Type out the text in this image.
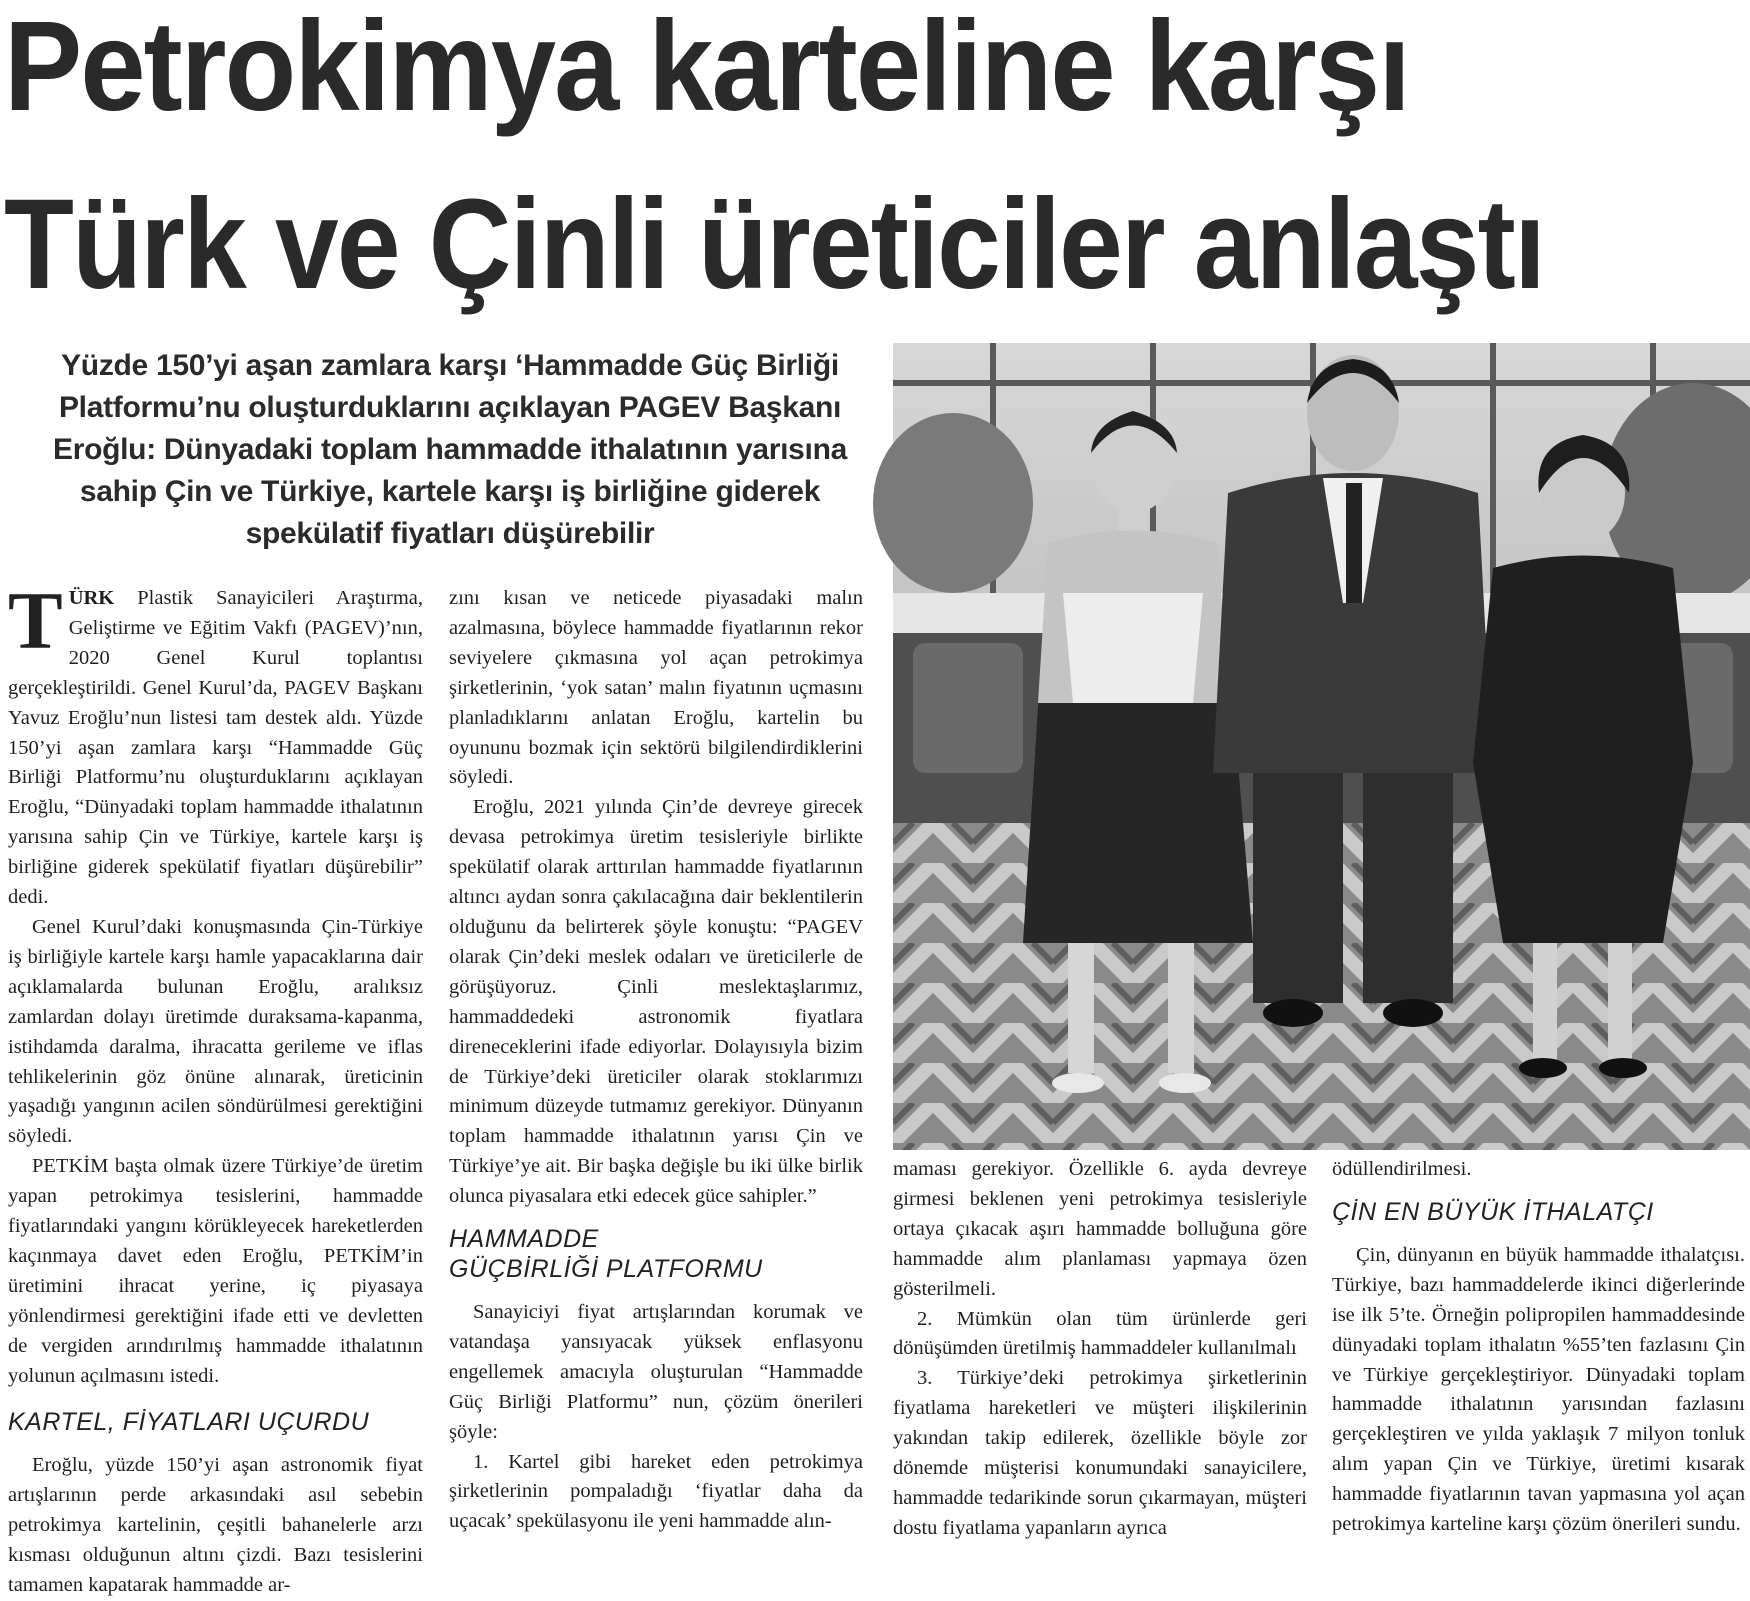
Petrokimya karteline karşı
Türk ve Çinli üreticiler anlaştı
Yüzde 150’yi aşan zamlara karşı ‘Hammadde Güç Birliği Platformu’nu oluşturduklarını açıklayan PAGEV Başkanı Eroğlu: Dünyadaki toplam hammadde ithalatının yarısına sahip Çin ve Türkiye, kartele karşı iş birliğine giderek spekülatif fiyatları düşürebilir

TÜRK Plastik Sanayicileri Araştırma, Geliştirme ve Eğitim Vakfı (PAGEV)’nın, 2020 Genel Kurul toplantısı gerçekleştirildi. Genel Kurul’da, PAGEV Başkanı Yavuz Eroğlu’nun listesi tam destek aldı. Yüzde 150’yi aşan zamlara karşı “Hammadde Güç Birliği Platformu’nu oluşturduklarını açıklayan Eroğlu, “Dünyadaki toplam hammadde ithalatının yarısına sahip Çin ve Türkiye, kartele karşı iş birliğine giderek spekülatif fiyatları düşürebilir” dedi.

Genel Kurul’daki konuşmasında Çin-Türkiye iş birliğiyle kartele karşı hamle yapacaklarına dair açıklamalarda bulunan Eroğlu, aralıksız zamlardan dolayı üretimde duraksama-kapanma, istihdamda daralma, ihracatta gerileme ve iflas tehlikelerinin göz önüne alınarak, üreticinin yaşadığı yangının acilen söndürülmesi gerektiğini söyledi.

PETKİM başta olmak üzere Türkiye’de üretim yapan petrokimya tesislerini, hammadde fiyatlarındaki yangını körükleyecek hareketlerden kaçınmaya davet eden Eroğlu, PETKİM’in üretimini ihracat yerine, iç piyasaya yönlendirmesi gerektiğini ifade etti ve devletten de vergiden arındırılmış hammadde ithalatının yolunun açılmasını istedi.

KARTEL, FİYATLARI UÇURDU

Eroğlu, yüzde 150’yi aşan astronomik fiyat artışlarının perde arkasındaki asıl sebebin petrokimya kartelinin, çeşitli bahanelerle arzı kısması olduğunun altını çizdi. Bazı tesislerini tamamen kapatarak hammadde ar-

zını kısan ve neticede piyasadaki malın azalmasına, böylece hammadde fiyatlarının rekor seviyelere çıkmasına yol açan petrokimya şirketlerinin, ‘yok satan’ malın fiyatının uçmasını planladıklarını anlatan Eroğlu, kartelin bu oyununu bozmak için sektörü bilgilendirdiklerini söyledi.

Eroğlu, 2021 yılında Çin’de devreye girecek devasa petrokimya üretim tesisleriyle birlikte spekülatif olarak arttırılan hammadde fiyatlarının altıncı aydan sonra çakılacağına dair beklentilerin olduğunu da belirterek şöyle konuştu: “PAGEV olarak Çin’deki meslek odaları ve üreticilerle de görüşüyoruz. Çinli meslektaşlarımız, hammaddedeki astronomik fiyatlara direneceklerini ifade ediyorlar. Dolayısıyla bizim de Türkiye’deki üreticiler olarak stoklarımızı minimum düzeyde tutmamız gerekiyor. Dünyanın toplam hammadde ithalatının yarısı Çin ve Türkiye’ye ait. Bir başka değişle bu iki ülke birlik olunca piyasalara etki edecek güce sahipler.”

HAMMADDE
GÜÇBİRLİĞİ PLATFORMU

Sanayiciyi fiyat artışlarından korumak ve vatandaşa yansıyacak yüksek enflasyonu engellemek amacıyla oluşturulan “Hammadde Güç Birliği Platformu” nun, çözüm önerileri şöyle:

1. Kartel gibi hareket eden petrokimya şirketlerinin pompaladığı ‘fiyatlar daha da uçacak’ spekülasyonu ile yeni hammadde alın-

maması gerekiyor. Özellikle 6. ayda devreye girmesi beklenen yeni petrokimya tesisleriyle ortaya çıkacak aşırı hammadde bolluğuna göre hammadde alım planlaması yapmaya özen gösterilmeli.

2. Mümkün olan tüm ürünlerde geri dönüşümden üretilmiş hammaddeler kullanılmalı

3. Türkiye’deki petrokimya şirketlerinin fiyatlama hareketleri ve müşteri ilişkilerinin yakından takip edilerek, özellikle böyle zor dönemde müşterisi konumundaki sanayicilere, hammadde tedarikinde sorun çıkarmayan, müşteri dostu fiyatlama yapanların ayrıca

ödüllendirilmesi.

ÇİN EN BÜYÜK İTHALATÇI

Çin, dünyanın en büyük hammadde ithalatçısı. Türkiye, bazı hammaddelerde ikinci diğerlerinde ise ilk 5’te. Örneğin polipropilen hammaddesinde dünyadaki toplam ithalatın %55’ten fazlasını Çin ve Türkiye gerçekleştiriyor. Dünyadaki toplam hammadde ithalatının yarısından fazlasını gerçekleştiren ve yılda yaklaşık 7 milyon tonluk alım yapan Çin ve Türkiye, üretimi kısarak hammadde fiyatlarının tavan yapmasına yol açan petrokimya karteline karşı çözüm önerileri sundu.
